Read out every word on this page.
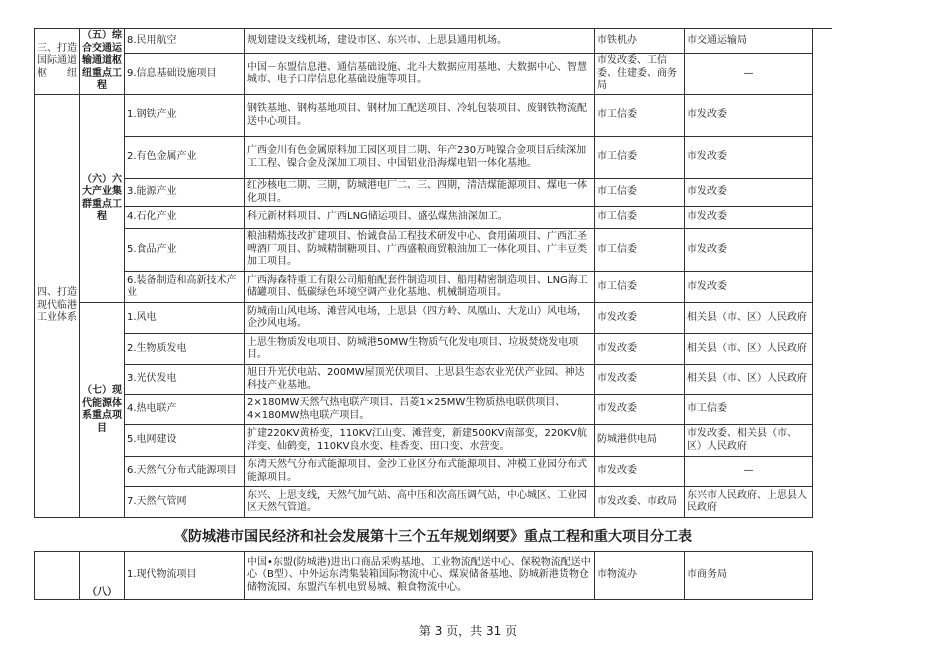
三、打造国际通道枢纽	（五）综合交通运输通道枢纽重点工程	8.民用航空	规划建设支线机场，建设市区、东兴市、上思县通用机场。	市铁机办	市交通运输局
		9.信息基础设施项目	中国－东盟信息港、通信基础设施、北斗大数据应用基地、大数据中心、智慧城市、电子口岸信息化基础设施等项目。	市发改委、工信委、住建委、商务局	—
四、打造现代临港工业体系	（六）六大产业集群重点工程	1.钢铁产业	钢铁基地、钢构基地项目、钢材加工配送项目、冷轧包装项目、废钢铁物流配送中心项目。	市工信委	市发改委
		2.有色金属产业	广西金川有色金属原料加工园区项目二期、年产230万吨镍合金项目后续深加工工程、镍合金及深加工项目、中国铝业沿海煤电铝一体化基地。	市工信委	市发改委
		3.能源产业	红沙核电二期、三期，防城港电厂二、三、四期，清洁煤能源项目、煤电一体化项目。	市工信委	市发改委
		4.石化产业	科元新材料项目、广西LNG储运项目、盛弘煤焦油深加工。	市工信委	市发改委
		5.食品产业	粮油精炼技改扩建项目、怡诚食品工程技术研发中心、食用菌项目、广西汇圣啤酒厂项目、防城精制糖项目、广西盛粮商贸粮油加工一体化项目、广丰豆类加工项目。	市工信委	市发改委
		6.装备制造和高新技术产业	广西海森特重工有限公司船舶配套件制造项目、船用精密制造项目、LNG海工储罐项目、低碳绿色环境空调产业化基地、机械制造项目。	市工信委	市发改委
	（七）现代能源体系重点项目	1.风电	防城南山风电场、滩营风电场，上思县（四方岭、凤凰山、大龙山）风电场，企沙风电场。	市发改委	相关县（市、区）人民政府
		2.生物质发电	上思生物质发电项目、防城港50MW生物质气化发电项目、垃圾焚烧发电项目。	市发改委	相关县（市、区）人民政府
		3.光伏发电	旭日升光伏电站、200MW屋顶光伏项目、上思县生态农业光伏产业园、神达科技产业基地。	市发改委	相关县（市、区）人民政府
		4.热电联产	2×180MW天然气热电联产项目、吕菱1×25MW生物质热电联供项目、4×180MW热电联产项目。	市发改委	市工信委
		5.电网建设	扩建220KV黄桥变，110KV江山变、滩营变，新建500KV南部变，220KV航洋变、仙鹤变，110KV良水变、桂香变、田口变、水营变。	防城港供电局	市发改委、相关县（市、区）人民政府
		6.天然气分布式能源项目	东湾天然气分布式能源项目、金沙工业区分布式能源项目、冲模工业园分布式能源项目。	市发改委	—
		7.天然气管网	东兴、上思支线，天然气加气站、高中压和次高压调气站，中心城区、工业园区天然气管道。	市发改委、市政局	东兴市人民政府、上思县人民政府
《防城港市国民经济和社会发展第十三个五年规划纲要》重点工程和重大项目分工表
	（八）	1.现代物流项目	中国•东盟(防城港)进出口商品采购基地、工业物流配送中心、保税物流配送中心（B型）、中外运东湾集装箱国际物流中心、煤炭储备基地、防城新港货物仓储物流园、东盟汽车机电贸易城、粮食物流中心。	市物流办	市商务局
第 3 页，共 31 页
